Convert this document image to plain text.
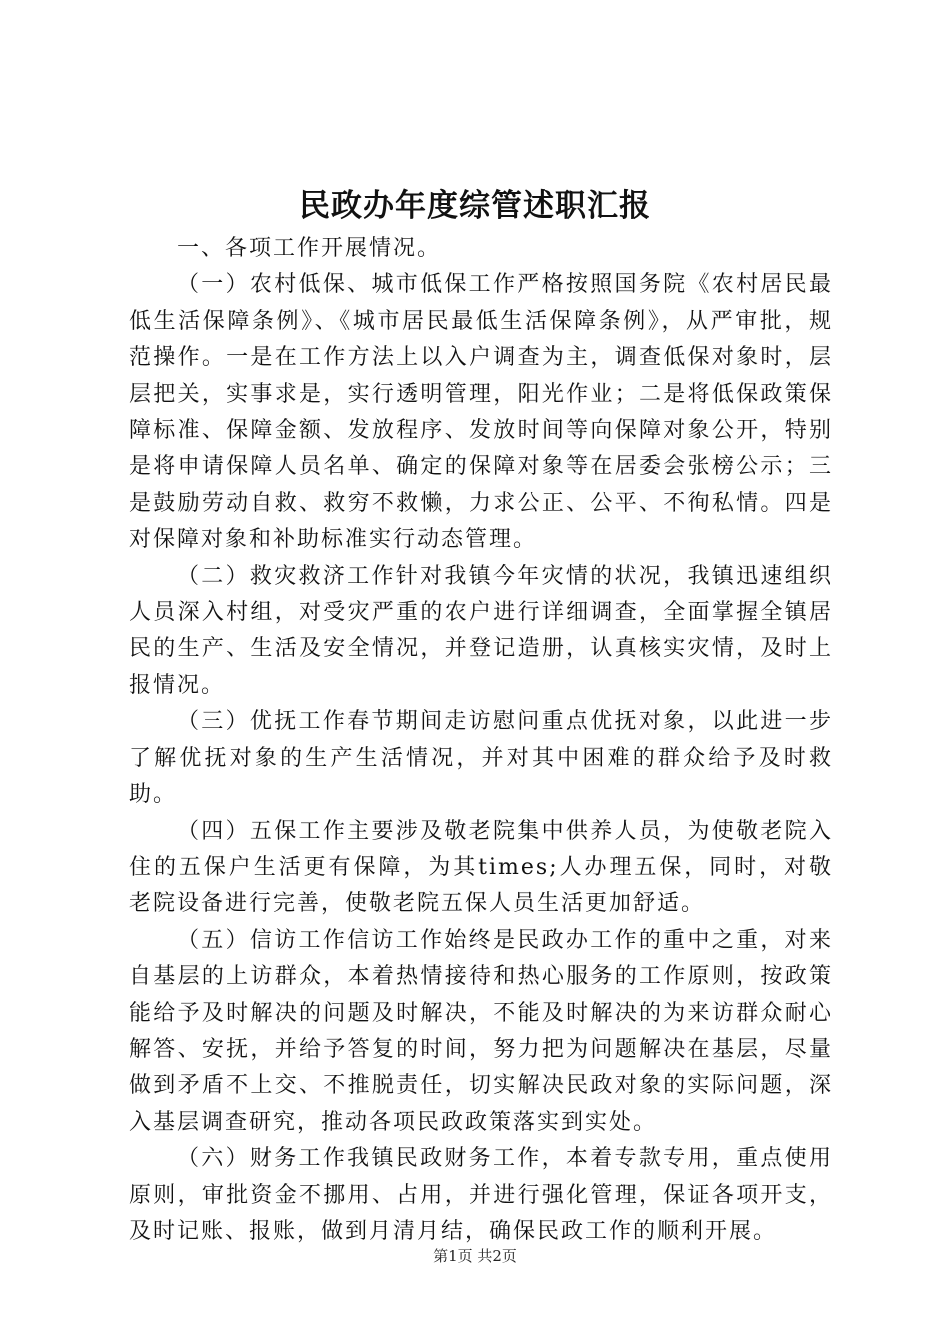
民政办年度综管述职汇报

一、各项工作开展情况。

（一）农村低保、城市低保工作严格按照国务院《农村居民最低生活保障条例》、《城市居民最低生活保障条例》，从严审批，规范操作。一是在工作方法上以入户调查为主，调查低保对象时，层层把关，实事求是，实行透明管理，阳光作业；二是将低保政策保障标准、保障金额、发放程序、发放时间等向保障对象公开，特别是将申请保障人员名单、确定的保障对象等在居委会张榜公示；三是鼓励劳动自救、救穷不救懒，力求公正、公平、不徇私情。四是对保障对象和补助标准实行动态管理。

（二）救灾救济工作针对我镇今年灾情的状况，我镇迅速组织人员深入村组，对受灾严重的农户进行详细调查，全面掌握全镇居民的生产、生活及安全情况，并登记造册，认真核实灾情，及时上报情况。

（三）优抚工作春节期间走访慰问重点优抚对象，以此进一步了解优抚对象的生产生活情况，并对其中困难的群众给予及时救助。

（四）五保工作主要涉及敬老院集中供养人员，为使敬老院入住的五保户生活更有保障，为其times;人办理五保，同时，对敬老院设备进行完善，使敬老院五保人员生活更加舒适。

（五）信访工作信访工作始终是民政办工作的重中之重，对来自基层的上访群众，本着热情接待和热心服务的工作原则，按政策能给予及时解决的问题及时解决，不能及时解决的为来访群众耐心解答、安抚，并给予答复的时间，努力把为问题解决在基层，尽量做到矛盾不上交、不推脱责任，切实解决民政对象的实际问题，深入基层调查研究，推动各项民政政策落实到实处。

（六）财务工作我镇民政财务工作，本着专款专用，重点使用原则，审批资金不挪用、占用，并进行强化管理，保证各项开支，及时记账、报账，做到月清月结，确保民政工作的顺利开展。

第1页 共2页
